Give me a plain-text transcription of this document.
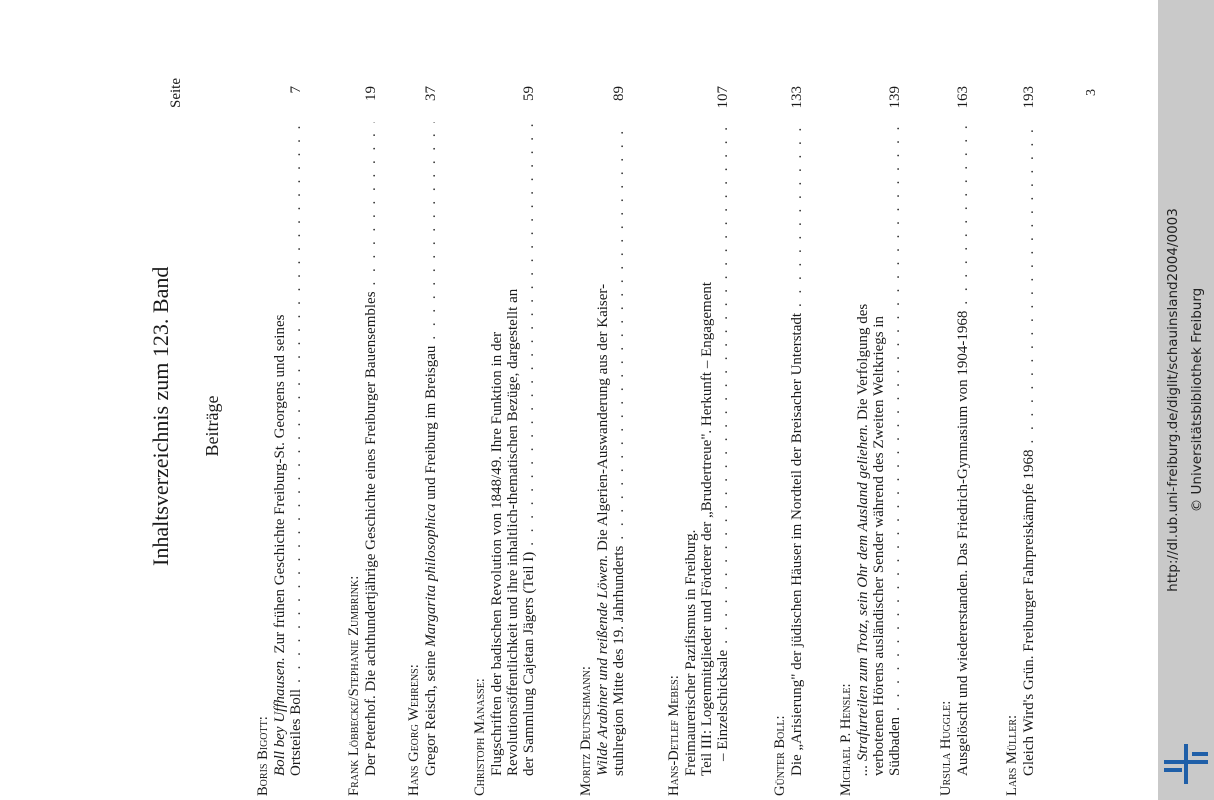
Inhaltsverzeichnis zum 123. Band
Seite
Beiträge
Boris Bigott: Boll bey Uffhausen. Zur frühen Geschichte Freiburg-St. Georgens und seines
Ortsteiles Boll
. . .
7
Frank Löbbecke/Stephanie Zumbrink: Der Peterhof. Die achthundertjährige Geschichte eines Freiburger Bauensembles
. . .
19
Hans Georg Wehrens: Gregor Reisch, seine Margarita philosophica und Freiburg im Breisgau
. . .
37
Christoph Manasse: Flugschriften der badischen Revolution von 1848/49. Ihre Funktion in der Revolutionsöffentlichkeit und ihre inhaltlich-thematischen Bezüge, dargestellt an der Sammlung Cajetan Jägers (Teil I)
. . .
59
Moritz Deutschmann: Wilde Arabiner und reißende Löwen. Die Algerien-Auswanderung aus der Kaiser-
stuhlregion Mitte des 19. Jahrhunderts
. . .
89
Hans-Detlef Mebes: Freimaurerischer Pazifismus in Freiburg. Teil III: Logenmitglieder und Förderer der „Brudertreue". Herkunft – Engagement – Einzelschicksale
. . .
107
Günter Boll: Die „Arisierung" der jüdischen Häuser im Nordteil der Breisacher Unterstadt
. . .
133
Michael P. Hensle: ... Strafurteilen zum Trotz, sein Ohr dem Ausland geliehen. Die Verfolgung des verbotenen Hörens ausländischer Sender während des Zweiten Weltkriegs in Südbaden
. . .
139
Ursula Huggle: Ausgelöscht und wiedererstanden. Das Friedrich-Gymnasium von 1904-1968
. . .
163
Lars Müller: Gleich Wird's Grün. Freiburger Fahrpreiskämpfe 1968
. . .
193	3
http://dl.ub.uni-freiburg.de/diglit/schauinsland2004/0003 © Universitätsbibliothek Freiburg
